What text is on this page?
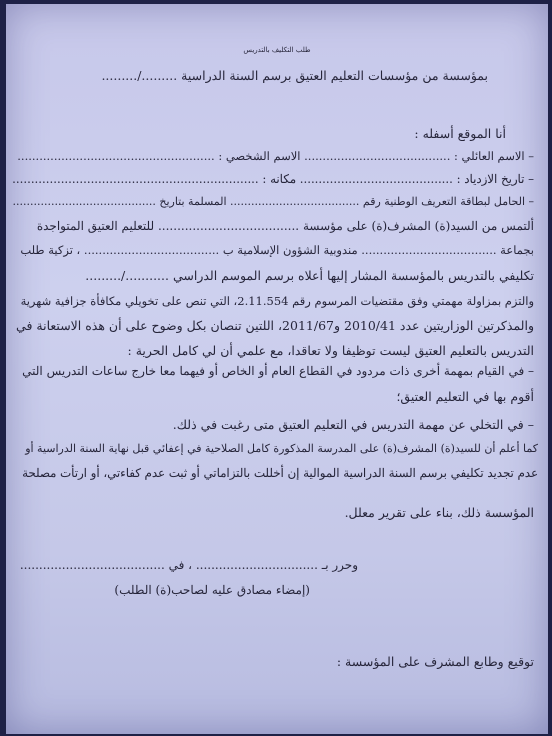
طلب التكليف بالتدريس
بمؤسسة من مؤسسات التعليم العتيق برسم السنة الدراسية ........./.........
أنا الموقع أسفله :
– الاسم العائلي : ........................................ الاسم الشخصي : ......................................................
– تاريخ الازدياد : ......................................... مكانه : ..................................................................
– الحامل لبطاقة التعريف الوطنية رقم ..................................... المسلمة بتاريخ .........................................
ألتمس من السيد(ة) المشرف(ة) على مؤسسة ..................................... للتعليم العتيق المتواجدة
بجماعة ..................................... مندوبية الشؤون الإسلامية ب ..................................... ، تزكية طلب
تكليفي بالتدريس بالمؤسسة المشار إليها أعلاه برسم الموسم الدراسي .........../.........
والتزم بمزاولة مهمتي وفق مقتضيات المرسوم رقم 2.11.554، التي تنص على تخويلي مكافأة جزافية شهرية
والمذكرتين الوزاريتين عدد 2010/41 و2011/67، اللتين تنصان بكل وضوح على أن هذه الاستعانة في
التدريس بالتعليم العتيق ليست توظيفا ولا تعاقدا، مع علمي أن لي كامل الحرية :
– في القيام بمهمة أخرى ذات مردود في القطاع العام أو الخاص أو فيهما معا خارج ساعات التدريس التي
أقوم بها في التعليم العتيق؛
– في التخلي عن مهمة التدريس في التعليم العتيق متى رغبت في ذلك.
كما أعلم أن للسيد(ة) المشرف(ة) على المدرسة المذكورة كامل الصلاحية في إعفائي قبل نهاية السنة الدراسية أو
عدم تجديد تكليفي برسم السنة الدراسية الموالية إن أخللت بالتزاماتي أو ثبت عدم كفاءتي، أو ارتأت مصلحة
المؤسسة ذلك، بناء على تقرير معلل.
وحرر بـ ................................ ، في ......................................
(إمضاء مصادق عليه لصاحب(ة) الطلب)
توقيع وطابع المشرف على المؤسسة :
